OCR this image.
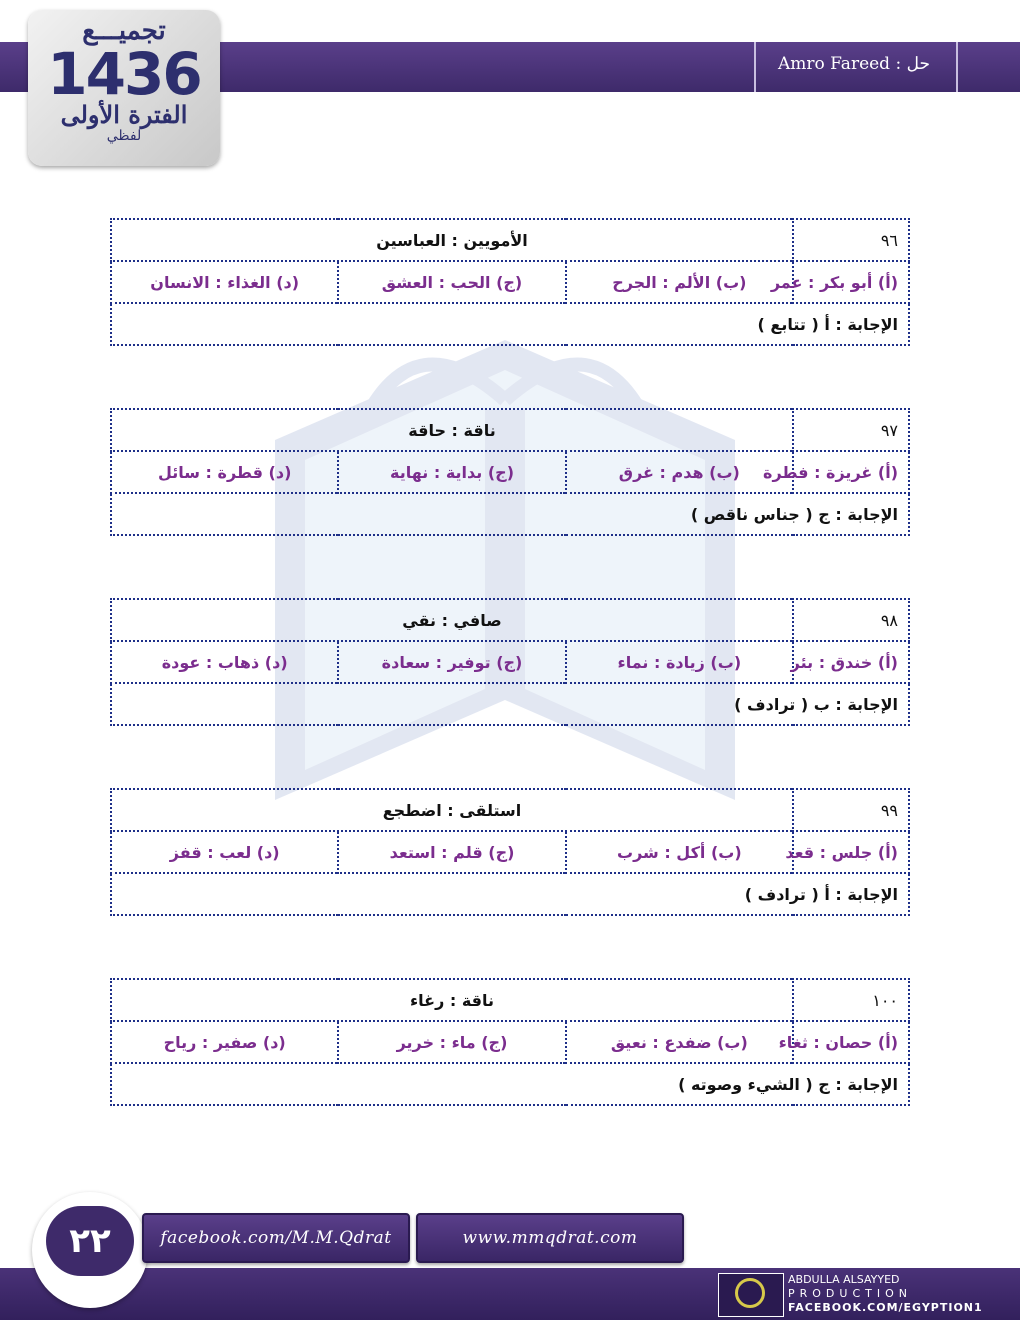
Amro Fareed : حل
تجميـــع
1436
الفترة الأولى
لفظي
٩٦	الأمويين : العباسين		
(أ) أبو بكر : عمر	(ب) الألم : الجرح	(ج) الحب : العشق	(د) الغذاء : الانسان
الإجابة : أ ( تتابع )			
٩٧	ناقة : حاقة		
(أ) غريزة : فطرة	(ب) هدم : غرق	(ج) بداية : نهاية	(د) قطرة : سائل
الإجابة : ج ( جناس ناقص )			
٩٨	صافي : نقي		
(أ) خندق : بئر	(ب) زيادة : نماء	(ج) توفير : سعادة	(د) ذهاب : عودة
الإجابة : ب ( ترادف )			
٩٩	استلقى : اضطجع		
(أ) جلس : قعد	(ب) أكل : شرب	(ج) قلم : استعد	(د) لعب : قفز
الإجابة : أ ( ترادف )			
١٠٠	ناقة : رغاء		
(أ) حصان : ثغاء	(ب) ضفدع : نعيق	(ج) ماء : خرير	(د) صفير : رياح
الإجابة : ج ( الشيء وصوته )			
٢٢	facebook.com/M.M.Qdrat	www.mmqdrat.com
ABDULLA ALSAYYED
PRODUCTION
FACEBOOK.COM/EGYPTION1
